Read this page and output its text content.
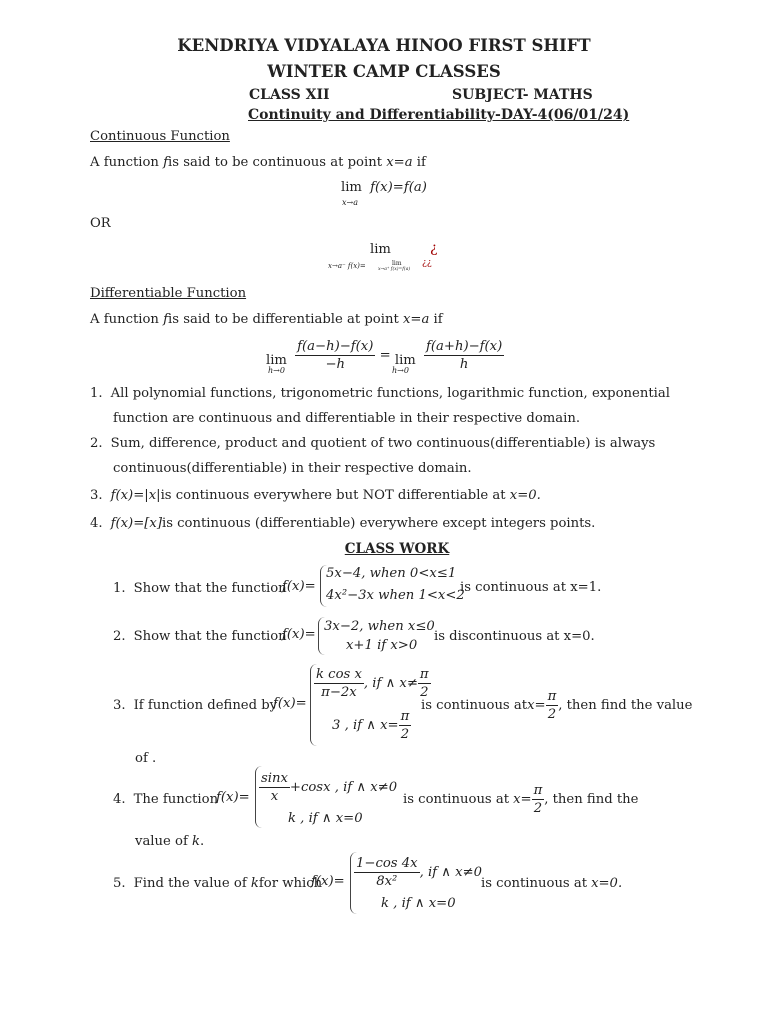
KENDRIYA VIDYALAYA HINOO FIRST SHIFT
WINTER CAMP CLASSES
CLASS XII	SUBJECT- MATHS
Continuity and Differentiability-DAY-4(06/01/24)
Continuous Function
A function fis said to be continuous at point x=a if
lim f(x)=f(a)
x→a
OR
lim
x→a⁻ f(x)=	lim
x→a⁺ f(x)=f(a)
¿
¿¿
Differentiable Function
A function fis said to be differentiable at point x=a if
$\lim \frac{f(a-h)-f(x)}{-h} = \lim \frac{f(a+h)-f(x)}{h}$
h→0	h→0
1. All polynomial functions, trigonometric functions, logarithmic function, exponential
function are continuous and differentiable in their respective domain.
2. Sum, difference, product and quotient of two continuous(differentiable) is always
continuous(differentiable) in their respective domain.
3. f(x)=|x|is continuous everywhere but NOT differentiable at x=0.
4. f(x)=[x]is continuous (differentiable) everywhere except integers points.
CLASS WORK
1. Show that the function
f(x)=
5x−4, when 0<x≤1
4x²−3x when 1<x<2
is continuous at x=1.
2. Show that the function
f(x)=
3x−2, when x≤0
x+1 if x>0
is discontinuous at x=0.
3. If function defined by
f(x)=
$\frac{\text{k cos x}}{\pi-2x}$ , if ∧ $x\ne \frac{\pi}{2}$
3 , if ∧ $x= \frac{\pi}{2}$
is continuous $atx= \frac{\pi}{2}$ , then find the value
of .
4. The function
$f(x)= \frac{\sin x}{x} +\cos x$ , if ∧ x≠0
k , if ∧ x=0
is continuous at $x= \frac{\pi}{2}$ , then find the
value of k.
5. Find the value of kfor which
$f(x)= \frac{1-\cos 4x}{\text{8x²}}$ , if ∧ x≠0
k , if ∧ x=0
is continuous at x=0.
